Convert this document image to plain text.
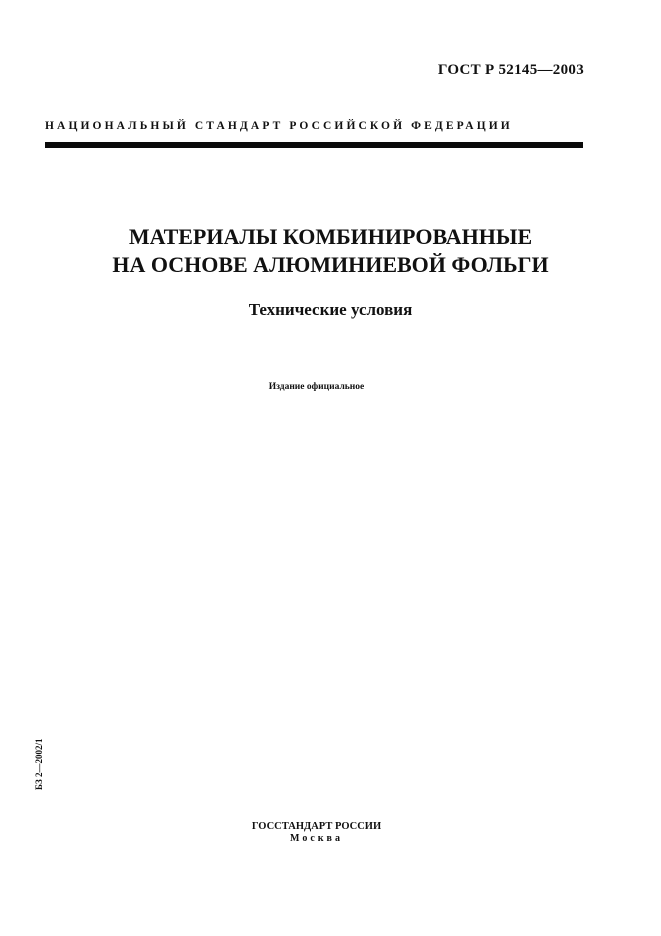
ГОСТ Р 52145—2003
НАЦИОНАЛЬНЫЙ СТАНДАРТ РОССИЙСКОЙ ФЕДЕРАЦИИ
МАТЕРИАЛЫ КОМБИНИРОВАННЫЕ
НА ОСНОВЕ АЛЮМИНИЕВОЙ ФОЛЬГИ
Технические условия
Издание официальное
БЗ 2—2002/1
ГОССТАНДАРТ РОССИИ
Москва
